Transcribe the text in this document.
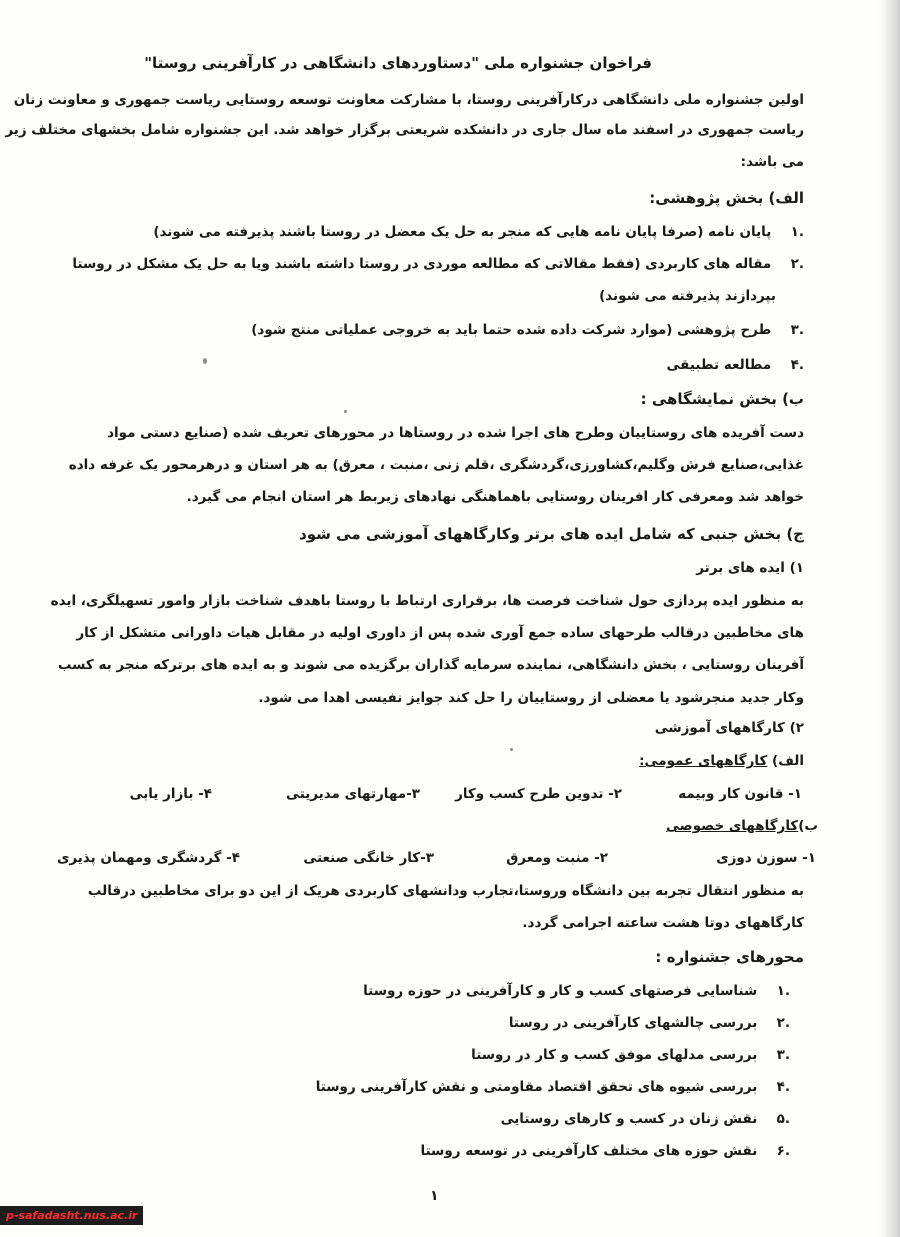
فراخوان جشنواره ملی "دستاوردهای دانشگاهی در کارآفرینی روستا"
اولین جشنواره ملی دانشگاهی درکارآفرینی روستا، با مشارکت معاونت توسعه روستایی ریاست جمهوری و معاونت زنان
ریاست جمهوری در اسفند ماه سال جاری در دانشکده شریعتی برگزار خواهد شد. این جشنواره شامل بخشهای مختلف زیر
می باشد:
الف) بخش پژوهشی:
.۱ پایان نامه (صرفا پایان نامه هایی که منجر به حل یک معضل در روستا باشند پذیرفته می شوند)
.۲ مقاله های کاربردی (فقط مقالاتی که مطالعه موردی در روستا داشته باشند ویا به حل یک مشکل در روستا
بپردازند پذیرفته می شوند)
.۳ طرح پژوهشی (موارد شرکت داده شده حتما باید به خروجی عملیاتی منتج شود)
.۴ مطالعه تطبیقی
ب) بخش نمایشگاهی :
دست آفریده های روستاییان وطرح های اجرا شده در روستاها در محورهای تعریف شده (صنایع دستی مواد
غذایی،صنایع فرش وگلیم،کشاورزی،گردشگری ،قلم زنی ،منبت ، معرق) به هر استان و درهرمحور یک غرفه داده
خواهد شد ومعرفی کار افرینان روستایی باهماهنگی نهادهای زیربط هر استان انجام می گیرد.
ج) بخش جنبی که شامل ایده های برتر وکارگاههای آموزشی می شود
۱) ایده های برتر
به منظور ایده پردازی حول شناخت فرصت ها، برقراری ارتباط با روستا باهدف شناخت بازار وامور تسهیلگری، ایده
های مخاطبین درقالب طرحهای ساده جمع آوری شده پس از داوری اولیه در مقابل هیات داورانی متشکل از کار
آفرینان روستایی ، بخش دانشگاهی، نماینده سرمایه گذاران برگزیده می شوند و به ایده های برترکه منجر به کسب
وکار جدید منجرشود یا معضلی از روستاییان را حل کند جوایز نفیسی اهدا می شود.
۲) کارگاههای آموزشی
الف) کارگاههای عمومی:
۱- قانون کار وبیمه
۲- تدوین طرح کسب وکار
۳-مهارتهای مدیریتی
۴- بازار یابی
ب)کارگاههای خصوصی
۱- سوزن دوزی
۲- منبت ومعرق
۳-کار خانگی صنعتی
۴- گردشگری ومهمان پذیری
به منظور انتقال تجربه بین دانشگاه وروستا،تجارب ودانشهای کاربردی هریک از این دو برای مخاطبین درقالب
کارگاههای دوتا هشت ساعته اجرامی گردد.
محورهای جشنواره :
.۱ شناسایی فرصتهای کسب و کار و کارآفرینی در حوزه روستا
.۲ بررسی چالشهای کارآفرینی در روستا
.۳ بررسی مدلهای موفق کسب و کار در روستا
.۴ بررسی شیوه های تحقق اقتصاد مقاومتی و نقش کارآفرینی روستا
.۵ نقش زنان در کسب و کارهای روستایی
.۶ نقش حوزه های مختلف کارآفرینی در توسعه روستا
۱
p-safadasht.nus.ac.ir
